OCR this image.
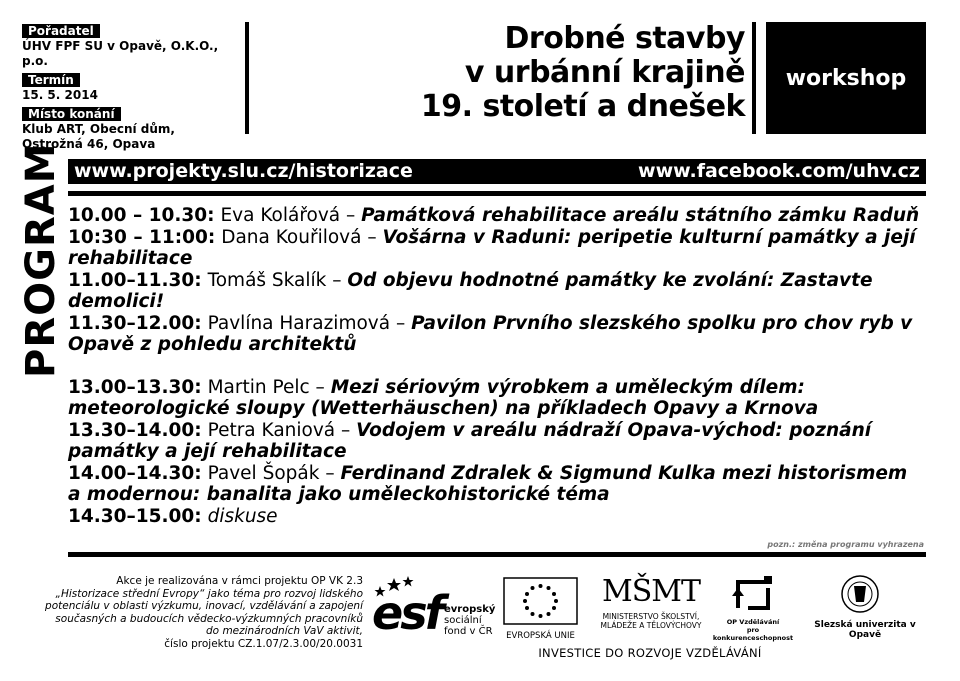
Pořadatel
ÚHV FPF SU v Opavě, O.K.O., p.o.
Termín
15. 5. 2014
Místo konání
Klub ART, Obecní dům,
Ostrožná 46, Opava
Drobné stavby
v urbánní krajině
19. století a dnešek
workshop
PROGRAM www.projekty.slu.cz/historizace	www.facebook.com/uhv.cz

10.00 – 10.30: Eva Kolářová – Památková rehabilitace areálu státního zámku Raduň

10:30 – 11:00: Dana Kouřilová – Vošárna v Raduni: peripetie kulturní památky a její rehabilitace

11.00–11.30: Tomáš Skalík – Od objevu hodnotné památky ke zvolání: Zastavte demolici!

11.30–12.00: Pavlína Harazimová – Pavilon Prvního slezského spolku pro chov ryb v Opavě z pohledu architektů

13.00–13.30: Martin Pelc – Mezi sériovým výrobkem a uměleckým dílem: meteorologické sloupy (Wetterhäuschen) na příkladech Opavy a Krnova

13.30–14.00: Petra Kaniová – Vodojem v areálu nádraží Opava-východ: poznání památky a její rehabilitace

14.00–14.30: Pavel Šopák – Ferdinand Zdralek & Sigmund Kulka mezi historismem a modernou: banalita jako uměleckohistorické téma

14.30–15.00: diskuse

pozn.: změna programu vyhrazena
Akce je realizována v rámci projektu OP VK 2.3
„Historizace střední Evropy“ jako téma pro rozvoj lidského
potenciálu v oblasti výzkumu, inovací, vzdělávání a zapojení
současných a budoucích vědecko-výzkumných pracovníků
do mezinárodních VaV aktivit,
číslo projektu CZ.1.07/2.3.00/20.0031
esf evropský
sociální
fond v ČR	EVROPSKÁ UNIE
MŠMT
MINISTERSTVO ŠKOLSTVÍ,
MLÁDEŽE A TĚLOVÝCHOVY	OP Vzdělávání
pro konkurenceschopnost
Slezská univerzita v Opavě
INVESTICE DO ROZVOJE VZDĚLÁVÁNÍ
